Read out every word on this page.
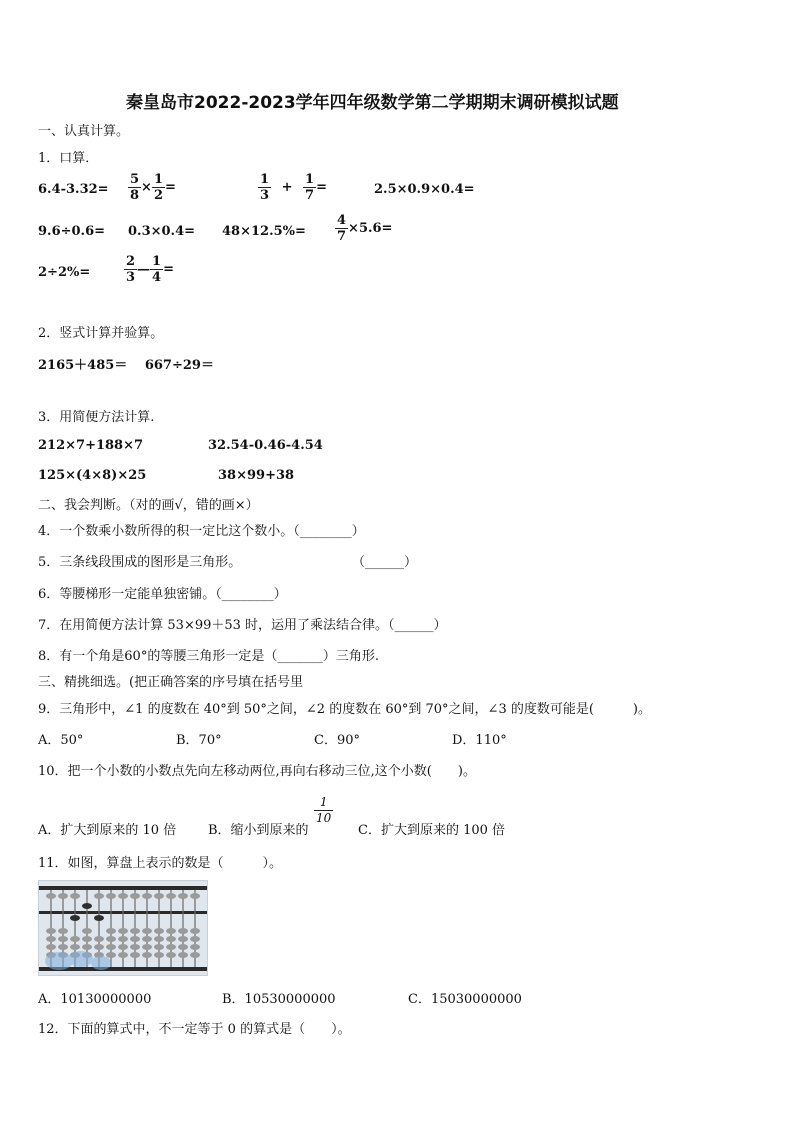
秦皇岛市2022-2023学年四年级数学第二学期期末调研模拟试题
一、认真计算。
1．口算．
$6.4-3.32= \frac{5}{8} \times \frac{1}{2}$ =	$\frac{1}{3} + \frac{1}{7}$ =	2.5×0.9×0.4=
$9.6\div 0.6= 0.3\times 0.4= 48\times 12.5\%= \frac{4}{7} \times 5.6=$
2÷2%=	$\frac{2}{3}$ — $\frac{1}{4}$ =
2．竖式计算并验算。
2165＋485＝　 667÷29＝
3．用简便方法计算.
212×7+188×7	32.54-0.46-4.54
125×(4×8)×25	38×99+38
二、我会判断。（对的画√，错的画×）
4．一个数乘小数所得的积一定比这个数小。（________）
5．三条线段围成的图形是三角形。	（______）
6．等腰梯形一定能单独密铺。（________）
7．在用简便方法计算 53×99＋53 时，运用了乘法结合律。（______）
8．有一个角是60°的等腰三角形一定是（_______）三角形.
三、精挑细选。(把正确答案的序号填在括号里
9．三角形中，∠1 的度数在 40°到 50°之间，∠2 的度数在 60°到 70°之间，∠3 的度数可能是(　　　)。
A．50°	B．70°	C．90°	D．110°
10．把一个小数的小数点先向左移动两位,再向右移动三位,这个小数(　　)。
A．扩大到原来的 10 倍 B．缩小到原来的
$\frac{1}{10}$
C．扩大到原来的 100 倍
11．如图，算盘上表示的数是（　　　）。
A．10130000000	B．10530000000	C．15030000000
12．下面的算式中，不一定等于 0 的算式是（　　）。
